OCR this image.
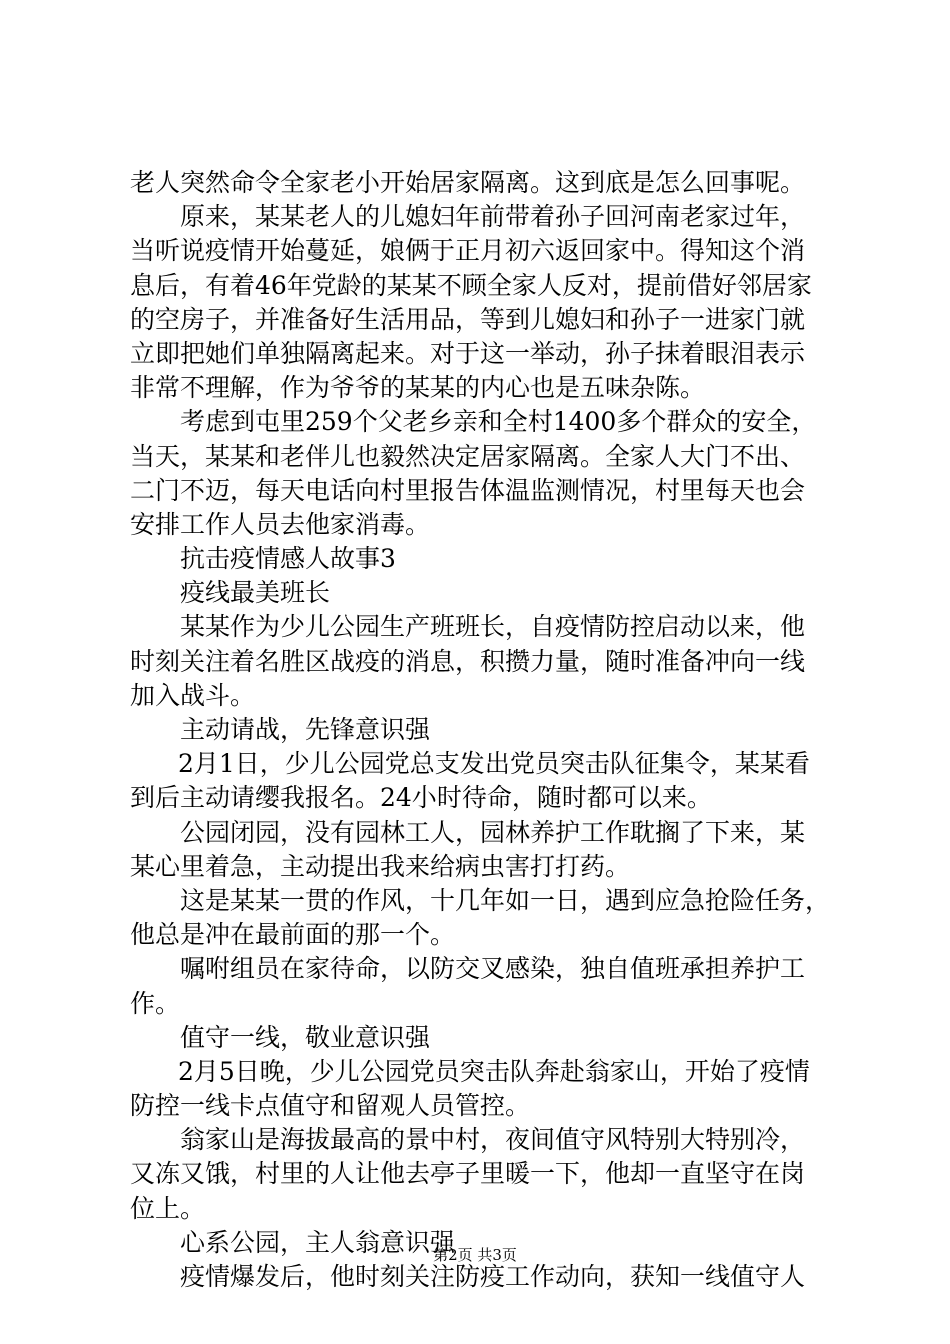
老人突然命令全家老小开始居家隔离。这到底是怎么回事呢。
原来，某某老人的儿媳妇年前带着孙子回河南老家过年，
当听说疫情开始蔓延，娘俩于正月初六返回家中。得知这个消
息后，有着46年党龄的某某不顾全家人反对，提前借好邻居家
的空房子，并准备好生活用品，等到儿媳妇和孙子一进家门就
立即把她们单独隔离起来。对于这一举动，孙子抹着眼泪表示
非常不理解，作为爷爷的某某的内心也是五味杂陈。
考虑到屯里259个父老乡亲和全村1400多个群众的安全，
当天，某某和老伴儿也毅然决定居家隔离。全家人大门不出、
二门不迈，每天电话向村里报告体温监测情况，村里每天也会
安排工作人员去他家消毒。
抗击疫情感人故事3
疫线最美班长
某某作为少儿公园生产班班长，自疫情防控启动以来，他
时刻关注着名胜区战疫的消息，积攒力量，随时准备冲向一线
加入战斗。
主动请战，先锋意识强
2月1日，少儿公园党总支发出党员突击队征集令，某某看
到后主动请缨我报名。24小时待命，随时都可以来。
公园闭园，没有园林工人，园林养护工作耽搁了下来，某
某心里着急，主动提出我来给病虫害打打药。
这是某某一贯的作风，十几年如一日，遇到应急抢险任务，
他总是冲在最前面的那一个。
嘱咐组员在家待命，以防交叉感染，独自值班承担养护工
作。
值守一线，敬业意识强
2月5日晚，少儿公园党员突击队奔赴翁家山，开始了疫情
防控一线卡点值守和留观人员管控。
翁家山是海拔最高的景中村，夜间值守风特别大特别冷，
又冻又饿，村里的人让他去亭子里暖一下，他却一直坚守在岗
位上。
心系公园，主人翁意识强
疫情爆发后，他时刻关注防疫工作动向，获知一线值守人
第2页 共3页
